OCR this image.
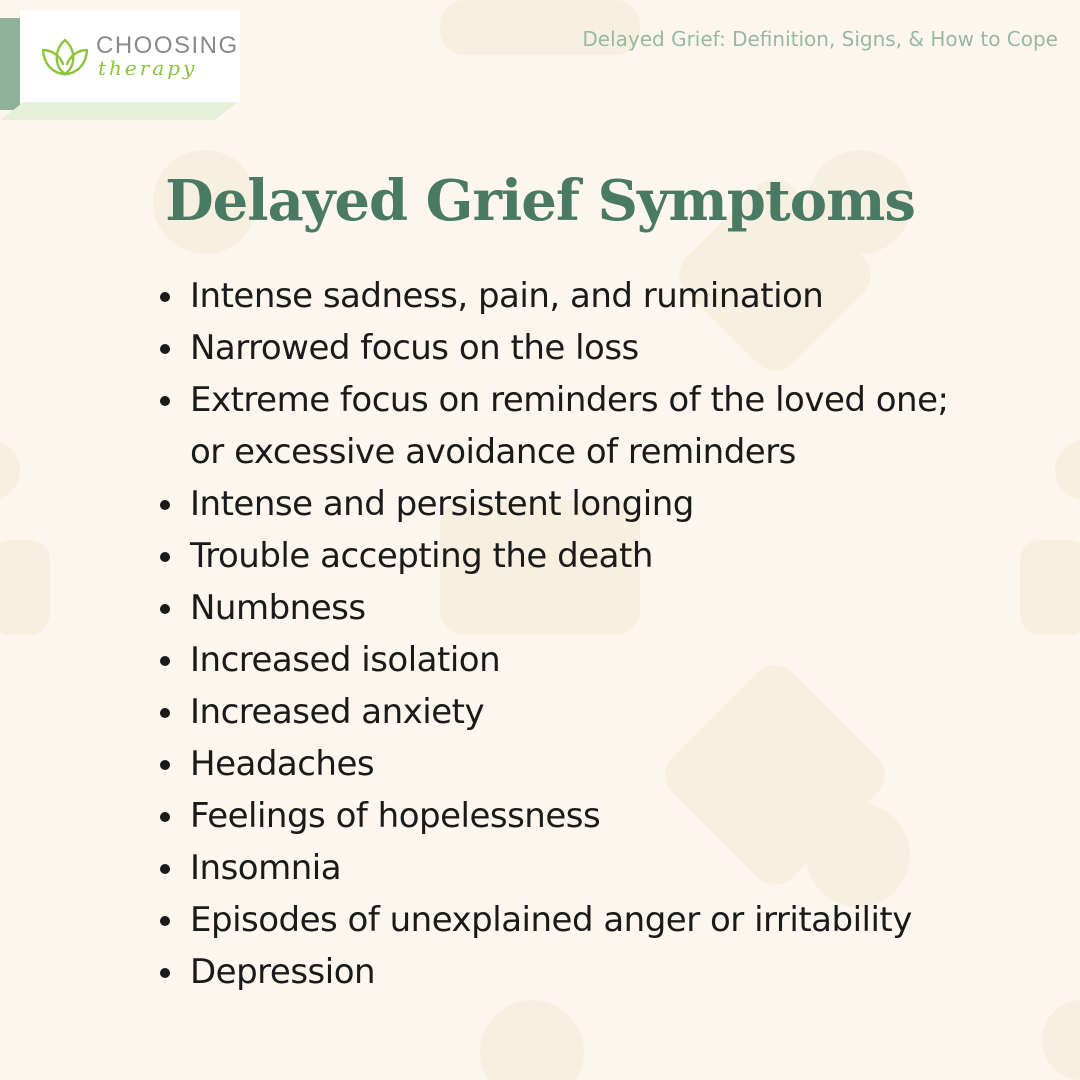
CHOOSING
therapy
Delayed Grief: Definition, Signs, & How to Cope
Delayed Grief Symptoms
Intense sadness, pain, and rumination
Narrowed focus on the loss
Extreme focus on reminders of the loved one; or excessive avoidance of reminders
Intense and persistent longing
Trouble accepting the death
Numbness
Increased isolation
Increased anxiety
Headaches
Feelings of hopelessness
Insomnia
Episodes of unexplained anger or irritability
Depression
